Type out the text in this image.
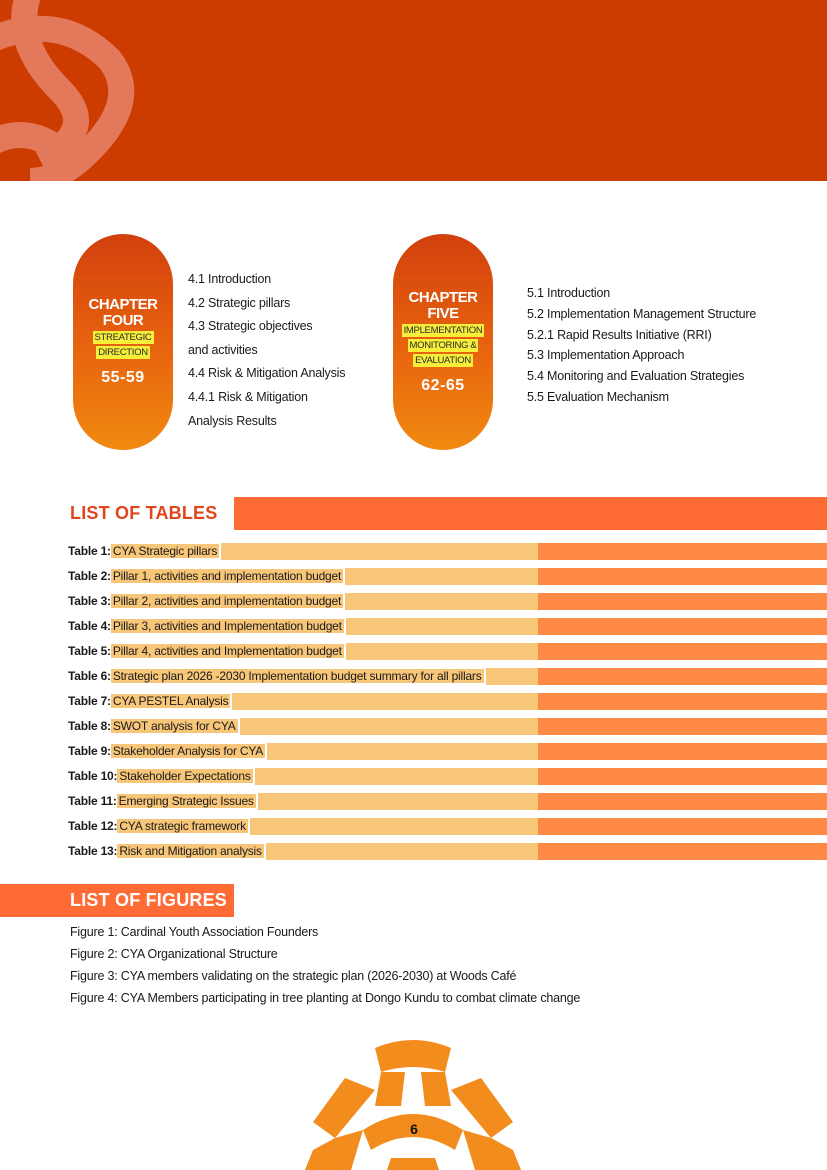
CHAPTER
FOUR
STREATEGIC
DIRECTION
55-59
4.1 Introduction
4.2 Strategic pillars
4.3 Strategic objectives
and activities
4.4 Risk & Mitigation Analysis
4.4.1 Risk & Mitigation
Analysis Results
CHAPTER
FIVE
IMPLEMENTATION
MONITORING &
EVALUATION
62-65
5.1 Introduction
5.2 Implementation Management Structure
5.2.1 Rapid Results Initiative (RRI)
5.3 Implementation Approach
5.4 Monitoring and Evaluation Strategies
5.5 Evaluation Mechanism
LIST OF TABLES
Table 1: CYA Strategic pillars
Table 2: Pillar 1, activities and implementation budget
Table 3: Pillar 2, activities and implementation budget
Table 4: Pillar 3, activities and Implementation budget
Table 5: Pillar 4, activities and Implementation budget
Table 6: Strategic plan 2026 -2030 Implementation budget summary for all pillars
Table 7: CYA PESTEL Analysis
Table 8: SWOT analysis for CYA
Table 9: Stakeholder Analysis for CYA
Table 10: Stakeholder Expectations
Table 11: Emerging Strategic Issues
Table 12: CYA strategic framework
Table 13: Risk and Mitigation analysis
LIST OF FIGURES
Figure 1: Cardinal Youth Association Founders
Figure 2: CYA Organizational Structure
Figure 3: CYA members validating on the strategic plan (2026-2030) at Woods Café
Figure 4: CYA Members participating in tree planting at Dongo Kundu to combat climate change
6
